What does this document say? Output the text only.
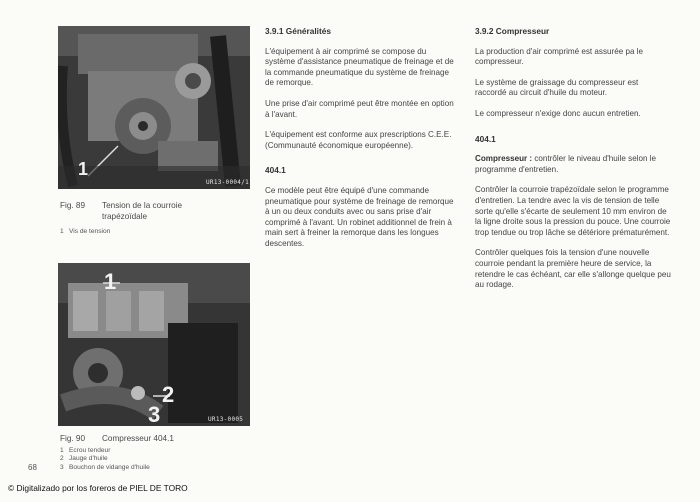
1
UR13-0004/1
Fig. 89 Tension de la courroie trapézoïdale
1 Vis de tension
1
2
3	UR13-0005
Fig. 90 Compresseur 404.1
1 Ecrou tendeur
2 Jauge d'huile
3 Bouchon de vidange d'huile
3.9.1 Généralités

L'équipement à air comprimé se compose du système d'assistance pneumatique de freinage et de la commande pneumatique du système de freinage de remorque.

Une prise d'air comprimé peut être montée en option à l'avant.

L'équipement est conforme aux prescriptions C.E.E. (Communauté économique européenne).

404.1

Ce modèle peut être équipé d'une commande pneumatique pour système de freinage de remorque à un ou deux conduits avec ou sans prise d'air comprimé à l'avant. Un robinet additionnel de frein à main sert à freiner la remorque dans les longues descentes.

3.9.2 Compresseur

La production d'air comprimé est assurée pa le compresseur.

Le système de graissage du compresseur est raccordé au circuit d'huile du moteur.

Le compresseur n'exige donc aucun entretien.

404.1

Compresseur : contrôler le niveau d'huile selon le programme d'entretien.

Contrôler la courroie trapézoïdale selon le programme d'entretien. La tendre avec la vis de tension de telle sorte qu'elle s'écarte de seulement 10 mm environ de la ligne droite sous la pression du pouce. Une courroie trop tendue ou trop lâche se détériore prématurément.

Contrôler quelques fois la tension d'une nouvelle courroie pendant la première heure de service, la retendre le cas échéant, car elle s'allonge quelque peu au rodage.

68
© Digitalizado por los foreros de PIEL DE TORO
